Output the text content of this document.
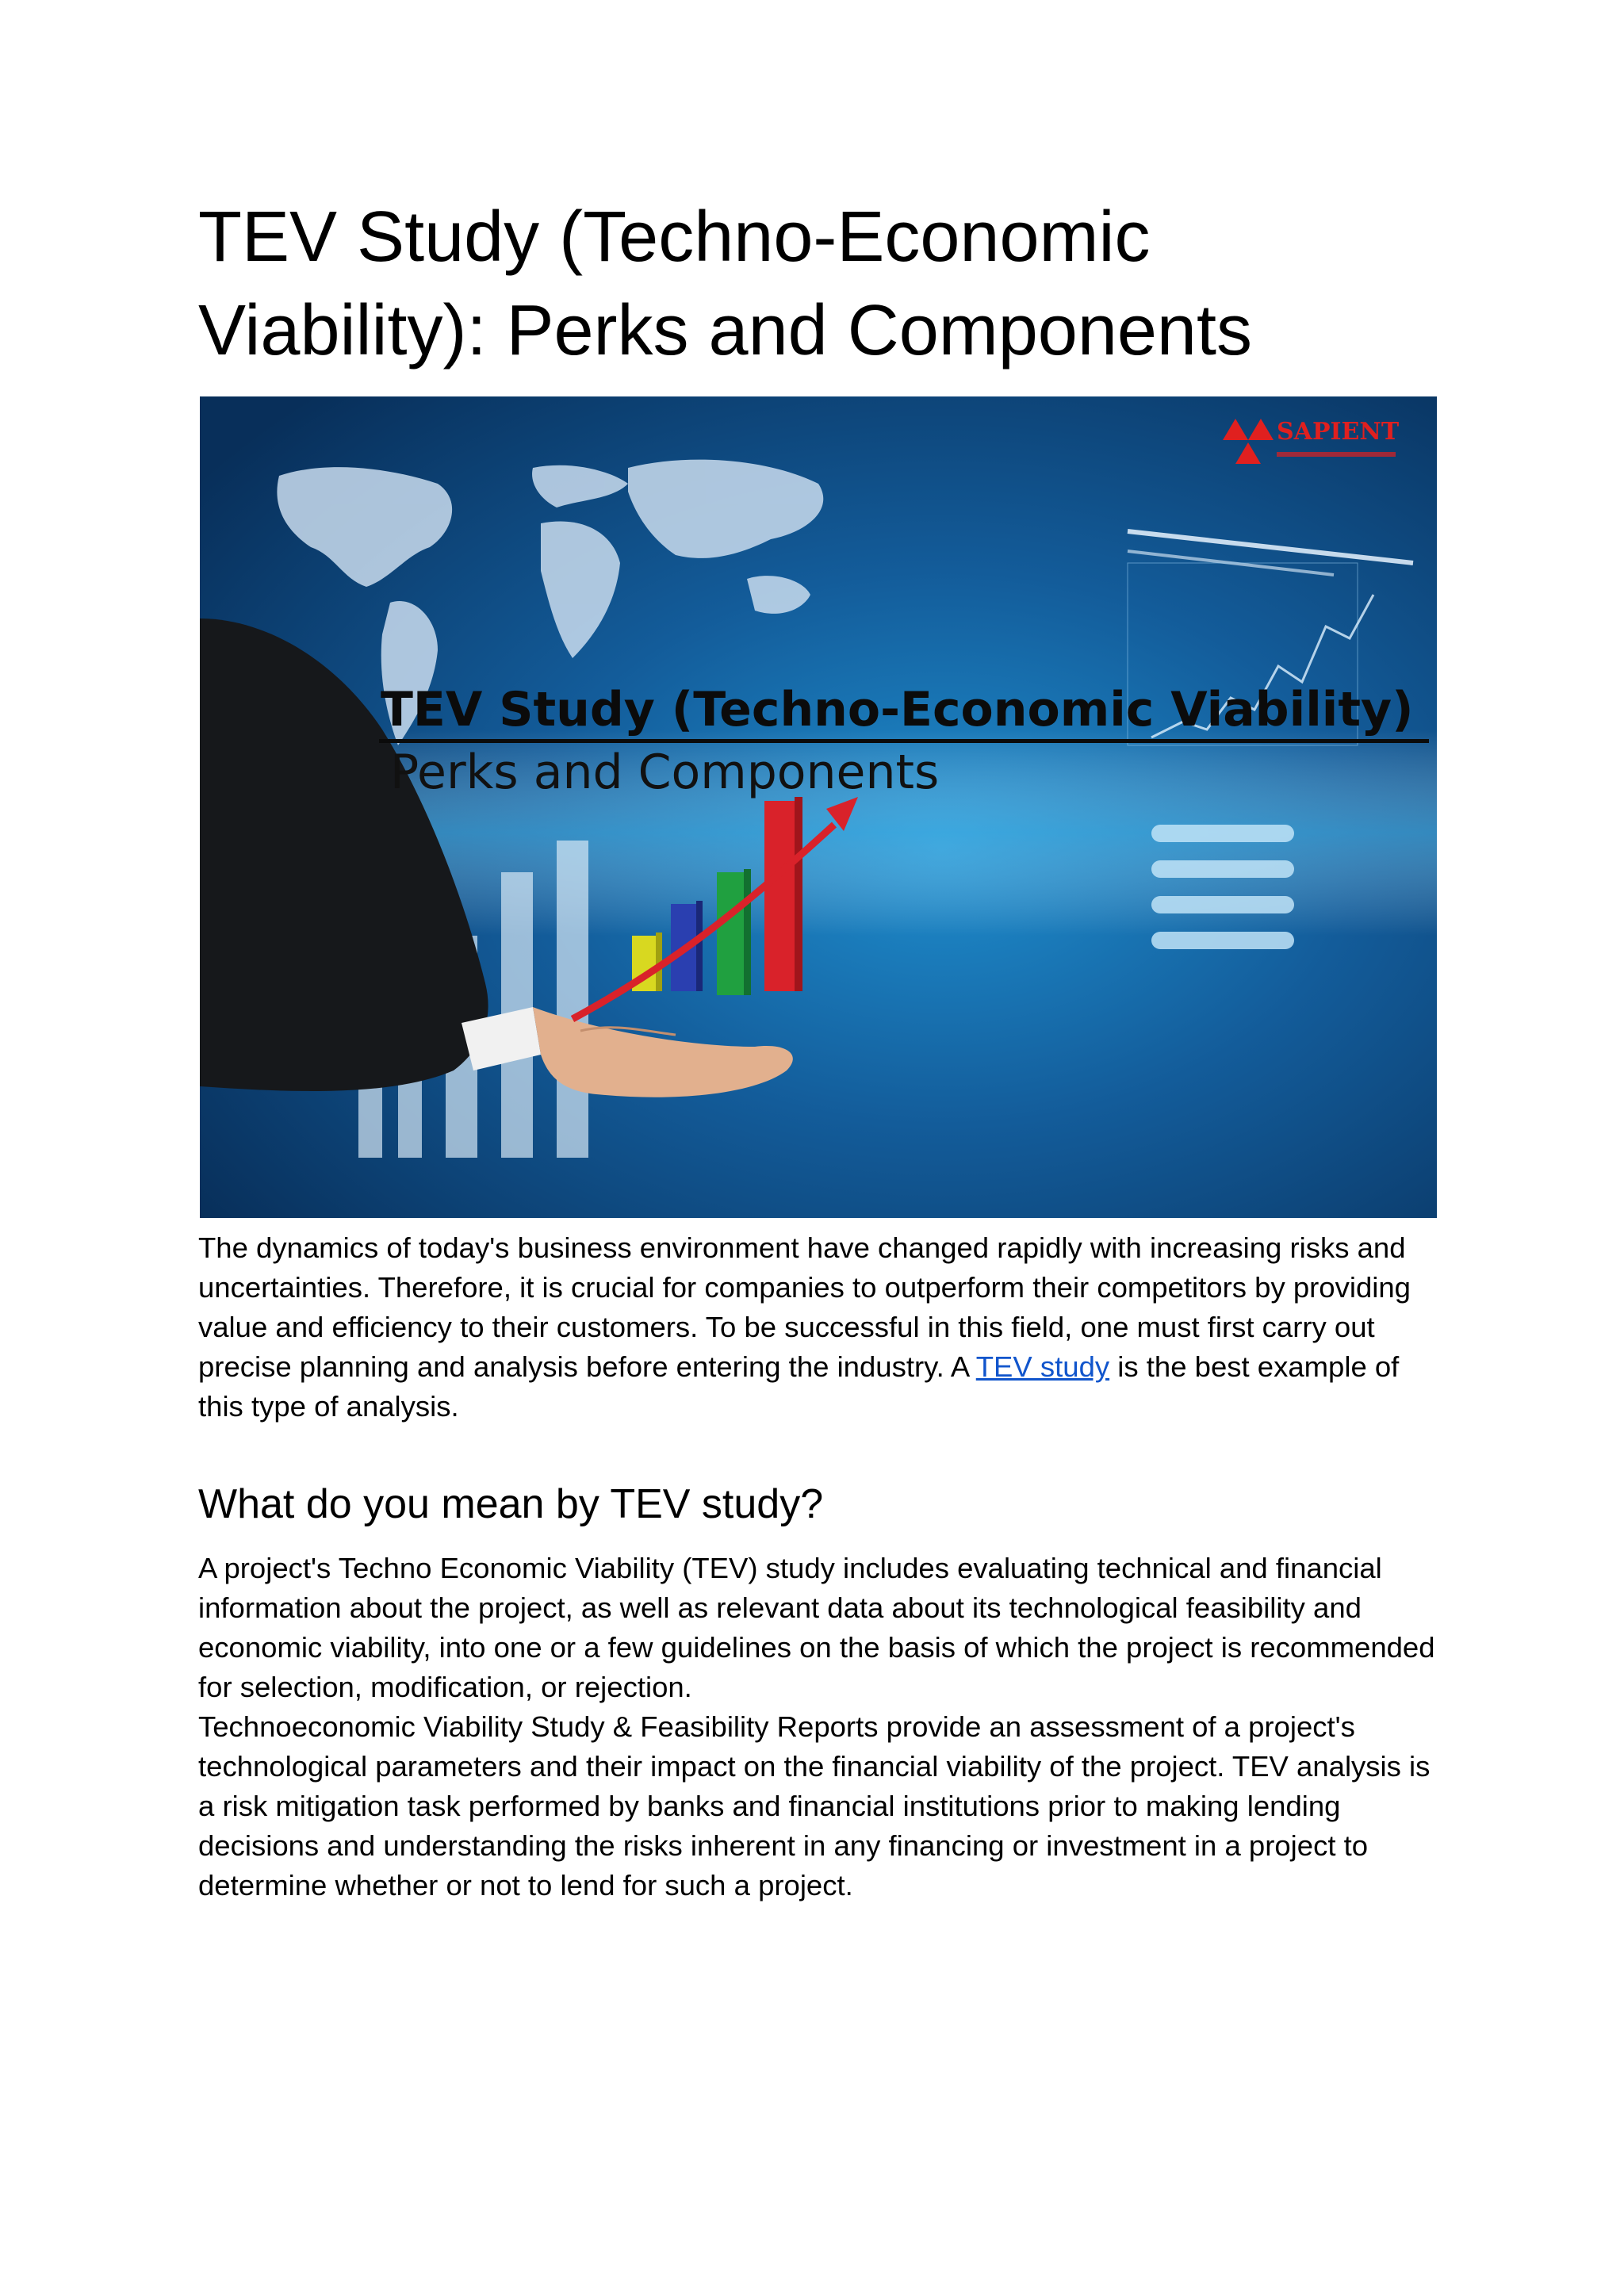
TEV Study (Techno-Economic
Viability): Perks and Components
TEV Study (Techno-Economic Viability)
Perks and Components
SAPIENT

The dynamics of today's business environment have changed rapidly with increasing risks and uncertainties. Therefore, it is crucial for companies to outperform their competitors by providing value and efficiency to their customers. To be successful in this field, one must first carry out precise planning and analysis before entering the industry. A TEV study is the best example of this type of analysis.

What do you mean by TEV study?

A project's Techno Economic Viability (TEV) study includes evaluating technical and financial information about the project, as well as relevant data about its technological feasibility and economic viability, into one or a few guidelines on the basis of which the project is recommended for selection, modification, or rejection.

Technoeconomic Viability Study & Feasibility Reports provide an assessment of a project's technological parameters and their impact on the financial viability of the project. TEV analysis is a risk mitigation task performed by banks and financial institutions prior to making lending decisions and understanding the risks inherent in any financing or investment in a project to determine whether or not to lend for such a project.
